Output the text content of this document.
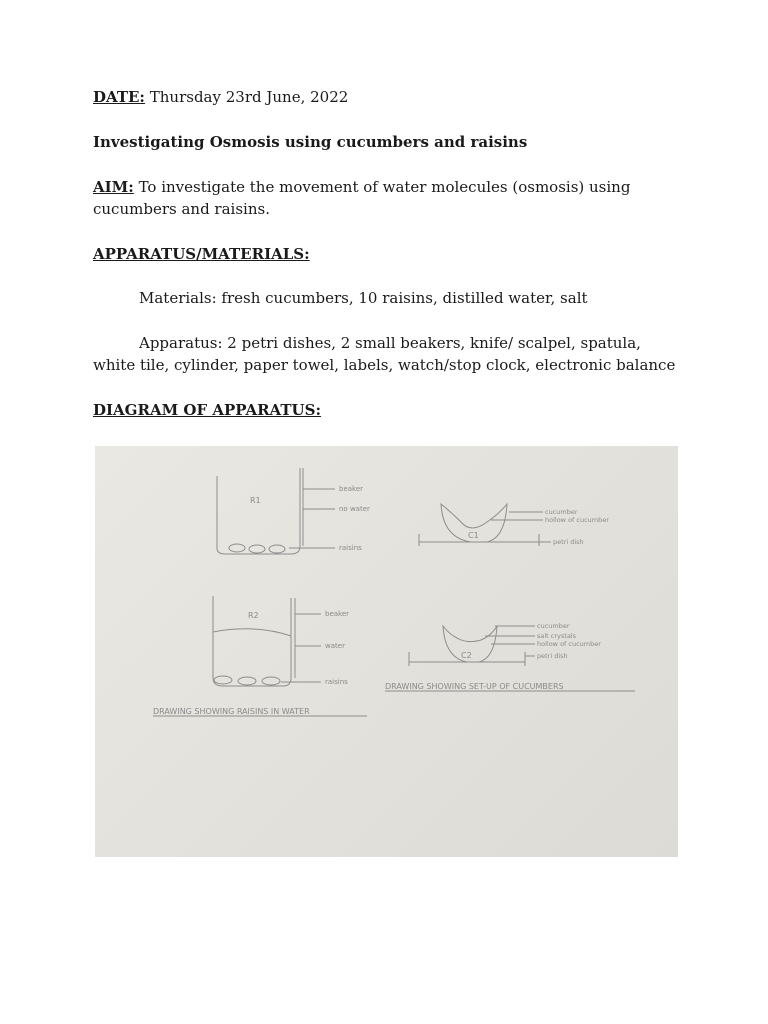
DATE: Thursday 23rd June, 2022

Investigating Osmosis using cucumbers and raisins

AIM: To investigate the movement of water molecules (osmosis) using cucumbers and raisins.

APPARATUS/MATERIALS:

Materials: fresh cucumbers, 10 raisins, distilled water, salt

Apparatus: 2 petri dishes, 2 small beakers, knife/ scalpel, spatula, white tile, cylinder, paper towel, labels, watch/stop clock, electronic balance

DIAGRAM OF APPARATUS:

R1
beaker
no water
raisins
R2	beaker
water
raisins
C1
cucumber
hollow of cucumber
petri dish
C2
cucumber
salt crystals
hollow of cucumber
petri dish
DRAWING SHOWING RAISINS IN WATER
DRAWING SHOWING SET-UP OF CUCUMBERS
